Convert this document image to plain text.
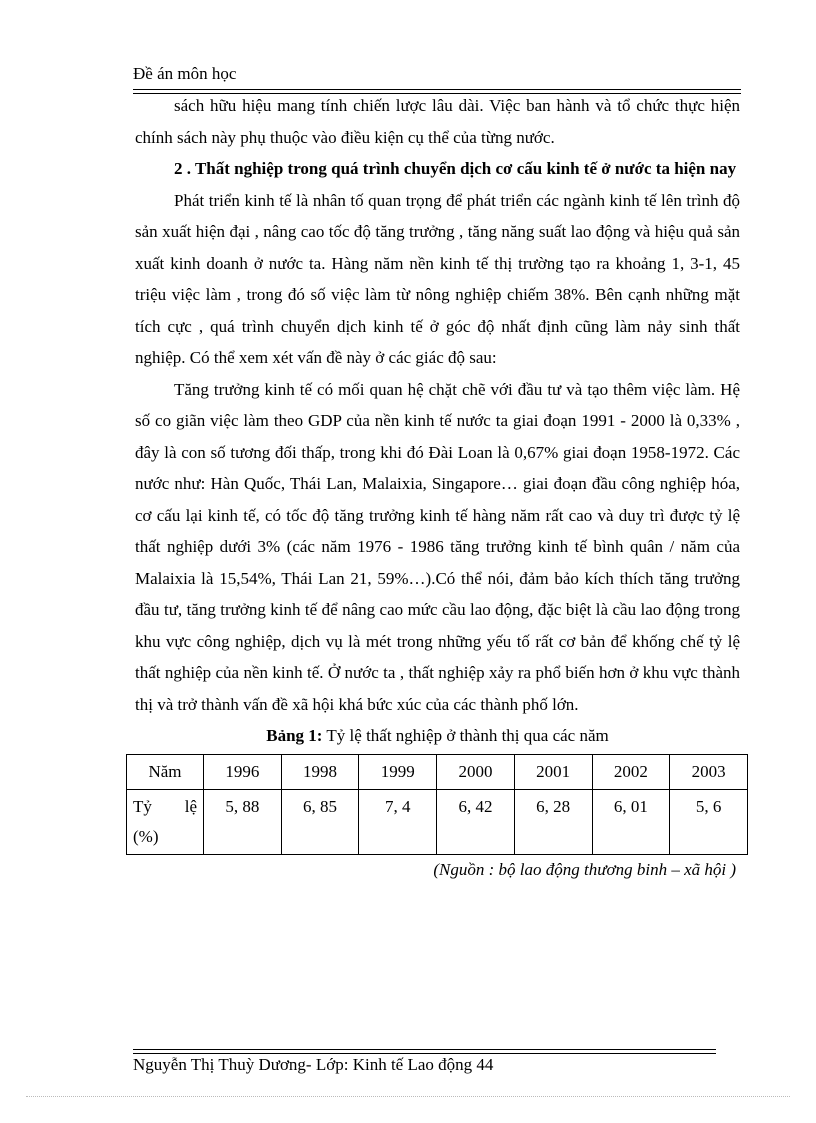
Đề án môn học

sách hữu hiệu mang tính chiến lược lâu dài. Việc ban hành và tổ chức thực hiện chính sách này phụ thuộc vào điều kiện cụ thể của từng nước.

2 . Thất nghiệp trong quá trình chuyển dịch cơ cấu kinh tế ở nước ta hiện nay

Phát triển kinh tế là nhân tố quan trọng để phát triển các ngành kinh tế lên trình độ sản xuất hiện đại , nâng cao tốc độ tăng trưởng , tăng năng suất lao động và hiệu quả sản xuất kinh doanh ở nước ta. Hàng năm nền kinh tế thị trường tạo ra khoảng 1, 3-1, 45 triệu việc làm , trong đó số việc làm từ nông nghiệp chiếm 38%. Bên cạnh những mặt tích cực , quá trình chuyển dịch kinh tế ở góc độ nhất định cũng làm nảy sinh thất nghiệp. Có thể xem xét vấn đề này ở các giác độ sau:

Tăng trưởng kinh tế có mối quan hệ chặt chẽ với đầu tư và tạo thêm việc làm. Hệ số co giãn việc làm theo GDP của nền kinh tế nước ta giai đoạn 1991 - 2000 là 0,33% , đây là con số tương đối thấp, trong khi đó Đài Loan là 0,67% giai đoạn 1958-1972. Các nước như: Hàn Quốc, Thái Lan, Malaixia, Singapore… giai đoạn đầu công nghiệp hóa, cơ cấu lại kinh tế, có tốc độ tăng trưởng kinh tế hàng năm rất cao và duy trì được tỷ lệ thất nghiệp dưới 3% (các năm 1976 - 1986 tăng trưởng kinh tế bình quân / năm của Malaixia là 15,54%, Thái Lan 21, 59%…).Có thể nói, đảm bảo kích thích tăng trưởng đầu tư, tăng trưởng kinh tế để nâng cao mức cầu lao động, đặc biệt là cầu lao động trong khu vực công nghiệp, dịch vụ là mét trong những yếu tố rất cơ bản để khống chế tỷ lệ thất nghiệp của nền kinh tế. Ở nước ta , thất nghiệp xảy ra phổ biến hơn ở khu vực thành thị và trở thành vấn đề xã hội khá bức xúc của các thành phố lớn.

Bảng 1: Tỷ lệ thất nghiệp ở thành thị qua các năm

Năm	1996	1998	1999	2000	2001	2002	2003

Tỷ lệ
(%)	5, 88	6, 85	7, 4	6, 42	6, 28	6, 01	5, 6

(Nguồn : bộ lao động thương binh – xã hội )

Nguyễn Thị Thuỳ Dương- Lớp: Kinh tế Lao động 44
